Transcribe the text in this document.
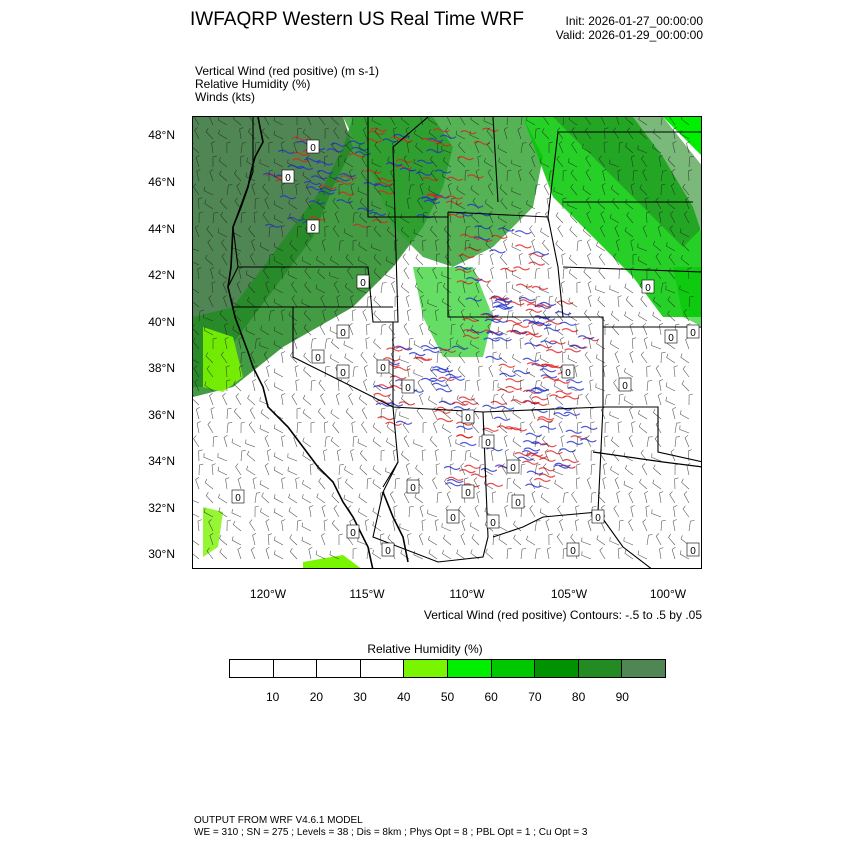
IWFAQRP Western US Real Time WRF	Init: 2026-01-27_00:00:00
Valid: 2026-01-29_00:00:00
Vertical Wind (red positive) (m s-1)
Relative Humidity (%)
Winds (kts)
0
0
0
0
0
0	0
0
0
0
0
0
0
0
0
0
0
0
0
0
0
0
0
0 0
0
0
0
48°N
46°N
44°N
42°N
40°N
38°N
36°N
34°N
32°N
30°N
120°W	115°W	110°W	105°W	100°W
Vertical Wind (red positive) Contours: -.5 to .5 by .05
Relative Humidity (%)
10	20	30	40	50	60	70	80	90
OUTPUT FROM WRF V4.6.1 MODEL
WE = 310 ; SN = 275 ; Levels = 38 ; Dis = 8km ; Phys Opt = 8 ; PBL Opt = 1 ; Cu Opt = 3
